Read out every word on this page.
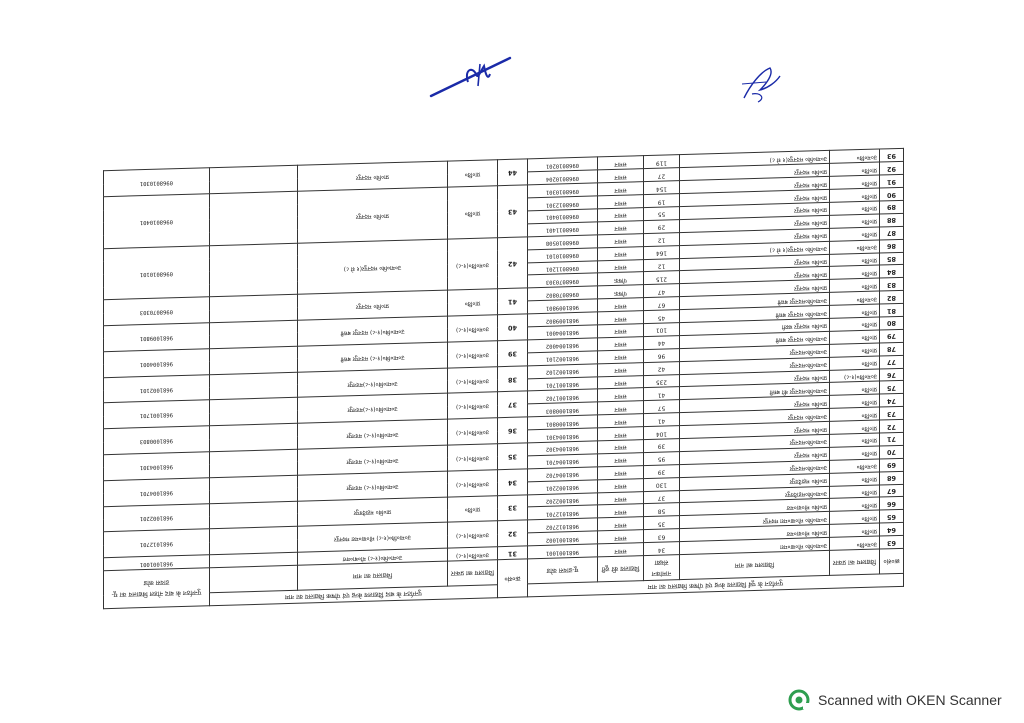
पुनर्गठन के पूर्व विद्यालय केन्द्र एवं पोषक विद्यालय का नाम						क्र०सं०	पुनर्गठन के बाद विद्यालय केन्द्र एवं पोषक विद्यालय का नाम			पुनर्गठन के बाद नोडल विद्यालय का यू-डायस कोड
क्र०सं०	विद्यालय का प्रकार	विद्यालय का नाम	नामांकन संख्या	विद्यालय की दूरी	यू-डायस कोड		विद्यालय का प्रकार	विद्यालय का नाम		
63	उ०म०वि०	उ०मा०वि० मो०बा०मरा	34	समान	9681001001	31	उ०म०वि०(१-८)	उ०मा०वि०(१-८) मो०बा०मरा		9681001001
64	प्रा०वि०	प्रा०वि० मो०बा०मरा	63	समान	9681001002	32	उ०म०वि०(१-८)	उ०मा०वि०(१-८) मो०बा०मरा मदनपुर		9681012701
65	प्रा०वि०	उ०मा०वि० मो०बा०मरा मदनपुर	35	समान	9681012702					
66	प्रा०वि०	प्रा०वि० मो०बा०मरा	58	समान	9681012701	33	प्रा०वि०	प्रा०वि० महादेवपुर		9681002201
67	प्रा०वि०	उ०मा०वि०महादेवपुर	37	समान	9681002202					
68	प्रा०वि०	प्रा०वि० महादेवपुर	130	समान	9681002201	34	उ०म०वि०(१-८)	उ०मा०वि०(१-८) मदनपुर		9681004701
69	उ०म०वि०	उ०मा०वि०मदनपुर	39	समान	9681004702					
70	प्रा०वि०	प्रा०वि० मदनपुर	95	समान	9681004701	35	उ०म०वि०(१-८)	उ०मा०वि०(१-८) मदनपुर		9681004301
71	प्रा०वि०	उ०मा०वि०मदनपुर	39	समान	9681004302					
72	प्रा०वि०	प्रा०वि० मदनपुर	104	समान	9681004301	36	उ०म०वि०(१-८)	उ०मा०वि०(१-८) मदनपुर		9681000803
73	प्रा०वि०	उ०मा०वि० मदनपुर	41	समान	9681000801					
74	प्रा०वि०	प्रा०वि० मदनपुर	57	समान	9681000803	37	उ०म०वि०(१-८)	उ०मा०वि०(१-८)मदनपुर		9681001701
75	प्रा०वि०	उ०मा०वि०मदनपुर की बस्ती	41	समान	9681001702					
76	उ०म०वि०(१-८)	प्रा०वि० मदनपुर	235	समान	9681001701	38	उ०म०वि०(१-८)	उ०मा०वि०(१-८)मदनपुर		9681002101
77	प्रा०वि०	उ०मा०वि०मदनपुर	42	समान	9681002102					
78	प्रा०वि०	उ०मा०वि०मदनपुर	96	समान	9681002101	39	उ०म०वि०(१-८)	उ०मा०वि०(१-८) मदनपुर बस्ती		9681004001
79	प्रा०वि०	उ०मा०वि० मदनपुर बस्ती	44	समान	9681004002					
80	प्रा०वि०	प्रा०वि० मदनपुर बस्ती	101	समान	9681004001	40	उ०म०वि०(१-८)	उ०मा०वि०(१-८) मदनपुर बस्ती		9681009801
81	प्रा०वि०	उ०मा०वि० मदनपुर बस्ती	45	समान	9681009802					
82	उ०म०वि०	उ०मा०वि०मदनपुर बस्ती	67	समान	9681009801	41	प्रा०वि०	प्रा०वि० मदनपुर		0968070303
83	प्रा०वि०	प्रा०वि० मदनपुर	47	पोषक	0968070802					
84	प्रा०वि०	प्रा०वि० मदनपुर	215	पोषक	0968070303	42	उ०म०वि०(१-८)	उ०मा०वि० मदनपुर(१ से ८)		0968010101
85	प्रा०वि०	प्रा०वि० मदनपुर	12	समान	0968011201					
86	उ०म०वि०	उ०मा०वि० मदनपुर(१ से ८)	164	समान	0968010101					
87	प्रा०वि०	प्रा०वि० मदनपुर	12	समान	0968010508					
88	प्रा०वि०	प्रा०वि० मदनपुर	29	समान	0968011401	43	प्रा०वि०	प्रा०वि० मदनपुर		0968010401
89	प्रा०वि०	प्रा०वि० मदनपुर	55	समान	0968010401					
90	प्रा०वि०	प्रा०वि० मदनपुर	19	समान	0968012301					
91	प्रा०वि०	प्रा०वि० मदनपुर	154	समान	0968010301					
92	प्रा०वि०	प्रा०वि० मदनपुर	27	समान	0968010204	44	प्रा०वि०	प्रा०वि० मदनपुर		0968010301
93	उ०म०वि०	उ०मा०वि० मदनपुर(१ से ८)	119	समान	0968010201					
Scanned with OKEN Scanner
